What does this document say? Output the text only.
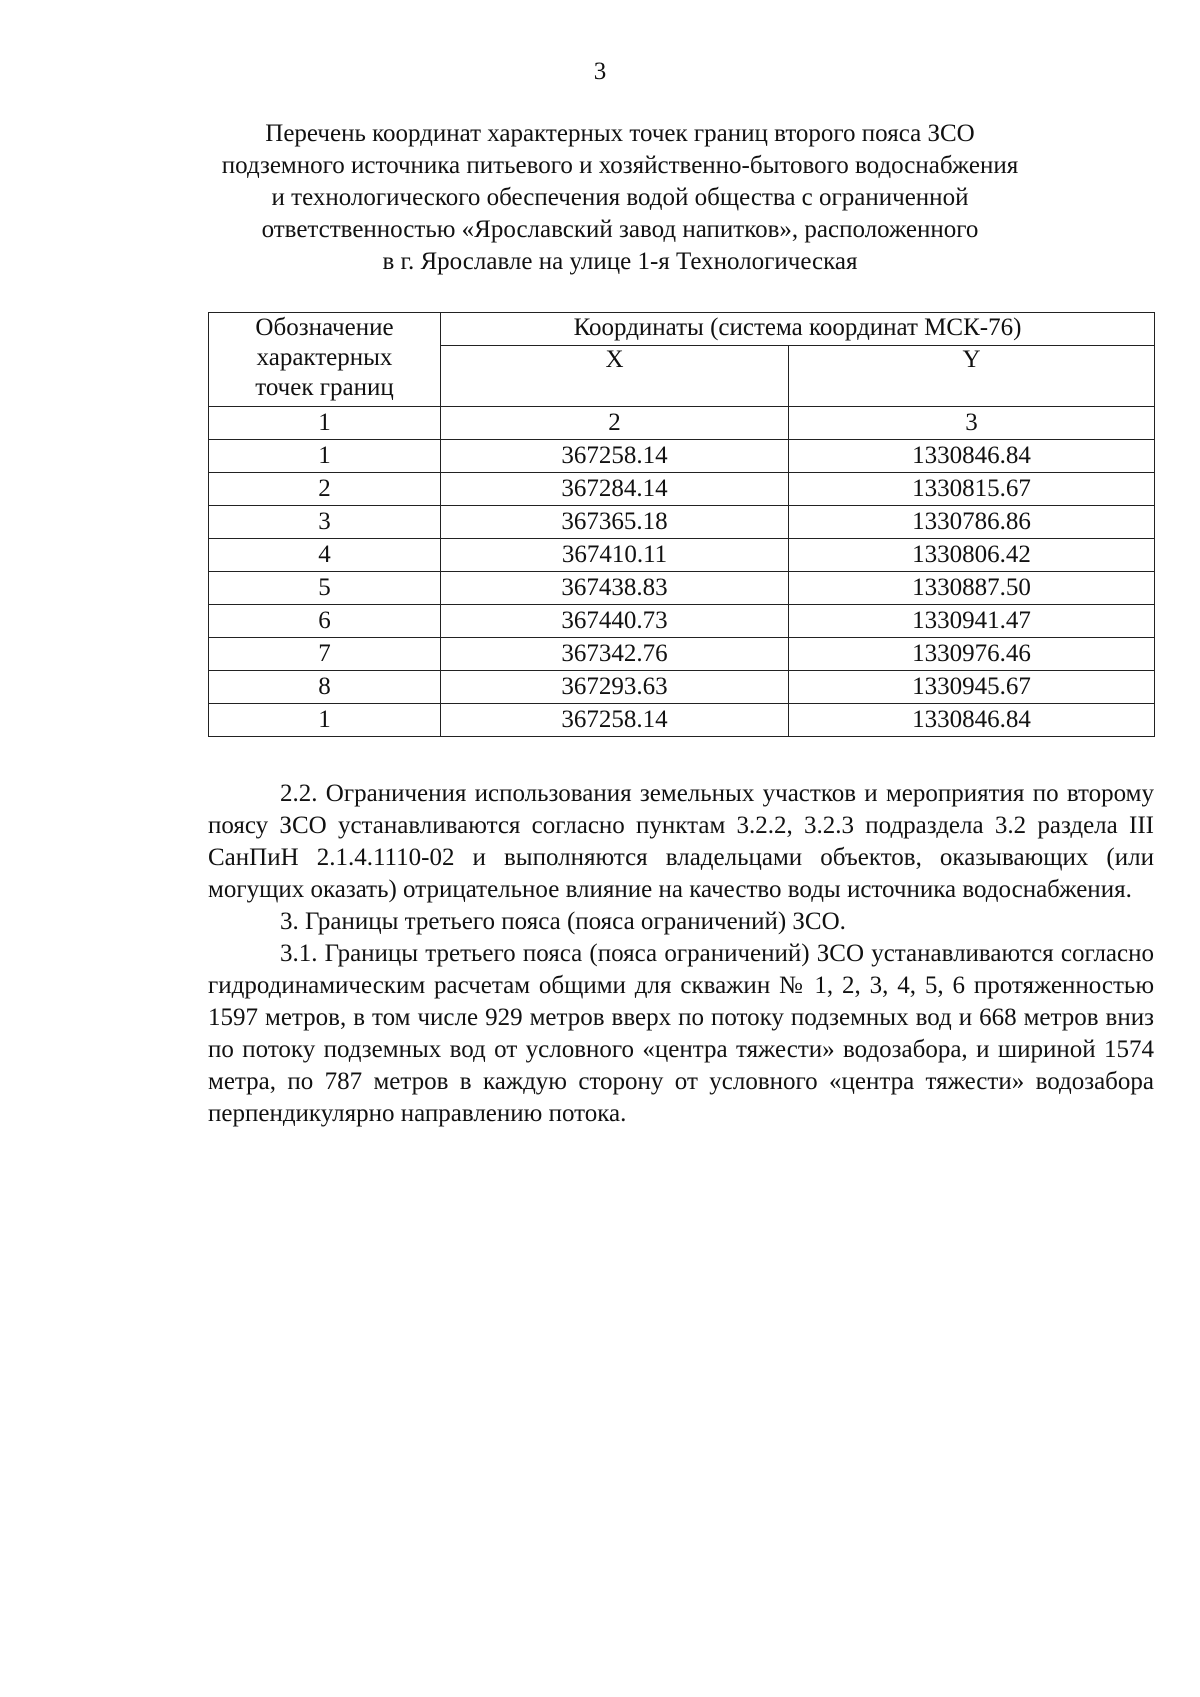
3
Перечень координат характерных точек границ второго пояса ЗСО
подземного источника питьевого и хозяйственно-бытового водоснабжения
и технологического обеспечения водой общества с ограниченной
ответственностью «Ярославский завод напитков», расположенного
в г. Ярославле на улице 1-я Технологическая
Обозначение
характерных
точек границ	Координаты (система координат МСК-76)	
	X	Y
1	2	3
1	367258.14	1330846.84
2	367284.14	1330815.67
3	367365.18	1330786.86
4	367410.11	1330806.42
5	367438.83	1330887.50
6	367440.73	1330941.47
7	367342.76	1330976.46
8	367293.63	1330945.67
1	367258.14	1330846.84

2.2. Ограничения использования земельных участков и мероприятия по второму поясу ЗСО устанавливаются согласно пунктам 3.2.2, 3.2.3 подраздела 3.2 раздела III СанПиН 2.1.4.1110-02 и выполняются владельцами объектов, оказывающих (или могущих оказать) отрицательное влияние на качество воды источника водоснабжения.

3. Границы третьего пояса (пояса ограничений) ЗСО.

3.1. Границы третьего пояса (пояса ограничений) ЗСО устанавливаются согласно гидродинамическим расчетам общими для скважин № 1, 2, 3, 4, 5, 6 протяженностью 1597 метров, в том числе 929 метров вверх по потоку подземных вод и 668 метров вниз по потоку подземных вод от условного «центра тяжести» водозабора, и шириной 1574 метра, по 787 метров в каждую сторону от условного «центра тяжести» водозабора перпендикулярно направлению потока.
